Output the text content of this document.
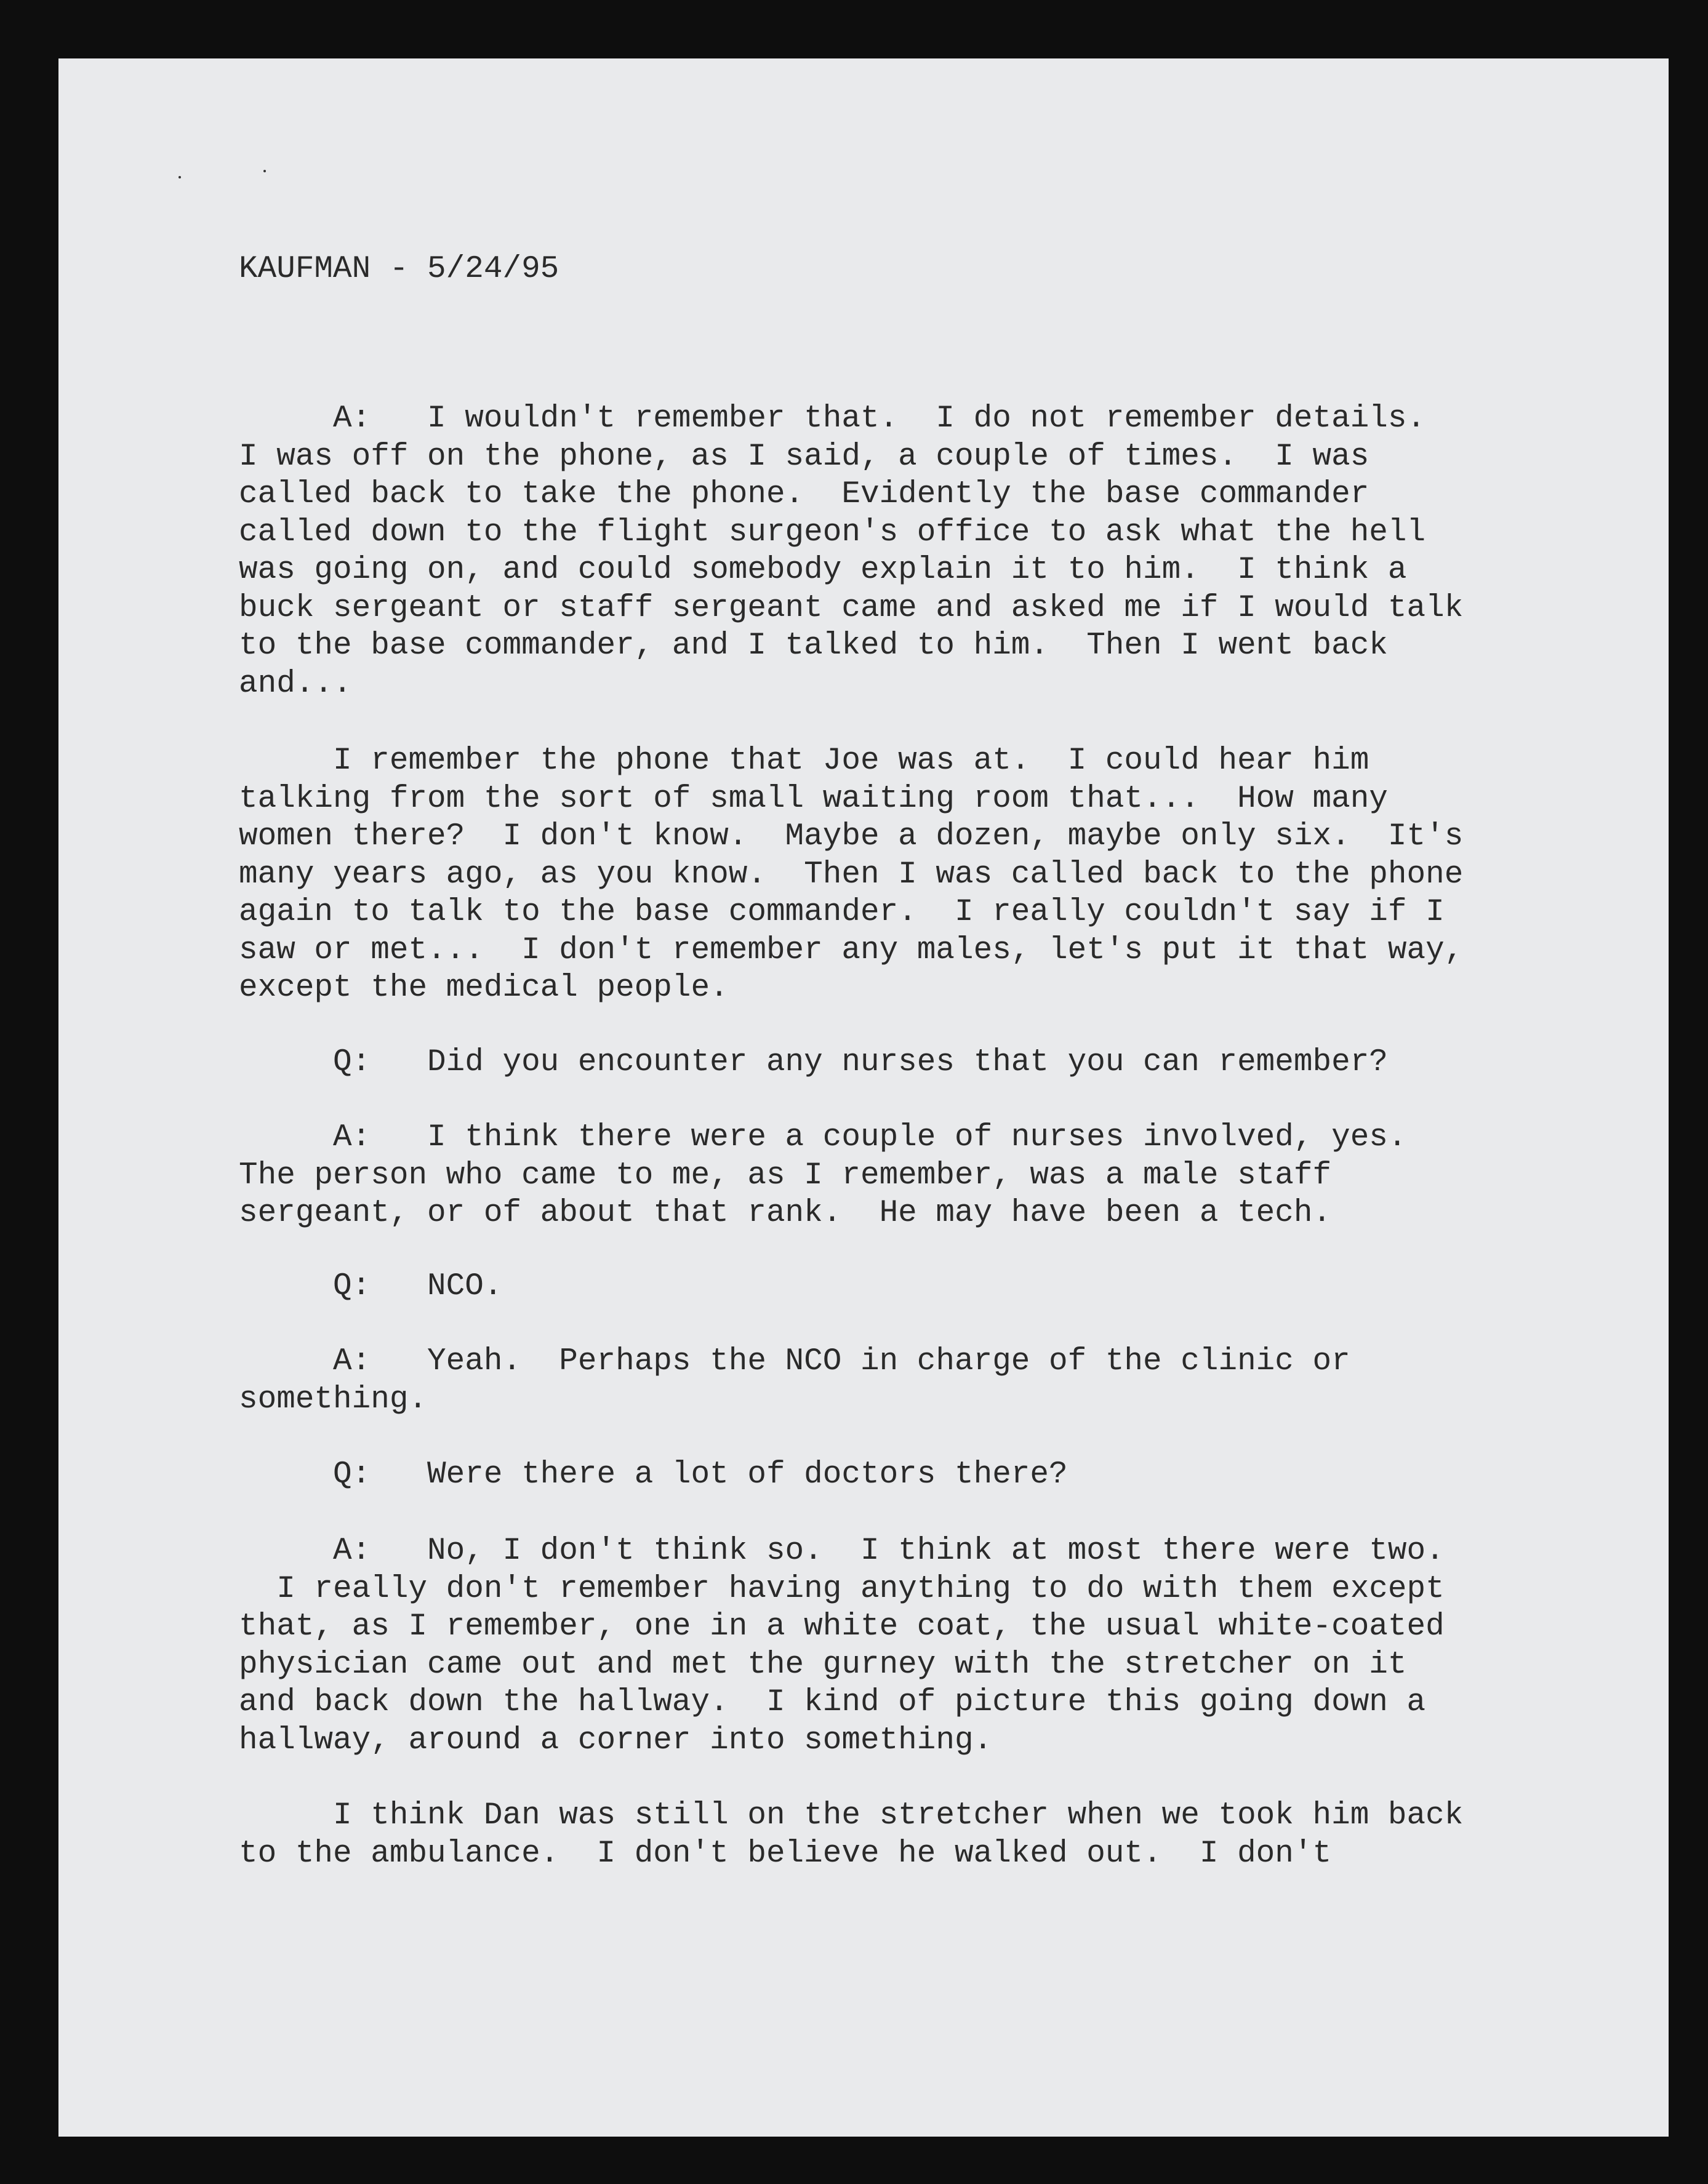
KAUFMAN - 5/24/95

A:   I wouldn't remember that.  I do not remember details.
I was off on the phone, as I said, a couple of times.  I was
called back to take the phone.  Evidently the base commander
called down to the flight surgeon's office to ask what the hell
was going on, and could somebody explain it to him.  I think a
buck sergeant or staff sergeant came and asked me if I would talk
to the base commander, and I talked to him.  Then I went back
and...

I remember the phone that Joe was at.  I could hear him
talking from the sort of small waiting room that...  How many
women there?  I don't know.  Maybe a dozen, maybe only six.  It's
many years ago, as you know.  Then I was called back to the phone
again to talk to the base commander.  I really couldn't say if I
saw or met...  I don't remember any males, let's put it that way,
except the medical people.

Q:   Did you encounter any nurses that you can remember?

A:   I think there were a couple of nurses involved, yes.
The person who came to me, as I remember, was a male staff
sergeant, or of about that rank.  He may have been a tech.

Q:   NCO.

A:   Yeah.  Perhaps the NCO in charge of the clinic or
something.

Q:   Were there a lot of doctors there?

A:   No, I don't think so.  I think at most there were two.
I really don't remember having anything to do with them except
that, as I remember, one in a white coat, the usual white-coated
physician came out and met the gurney with the stretcher on it
and back down the hallway.  I kind of picture this going down a
hallway, around a corner into something.

I think Dan was still on the stretcher when we took him back
to the ambulance.  I don't believe he walked out.  I don't
